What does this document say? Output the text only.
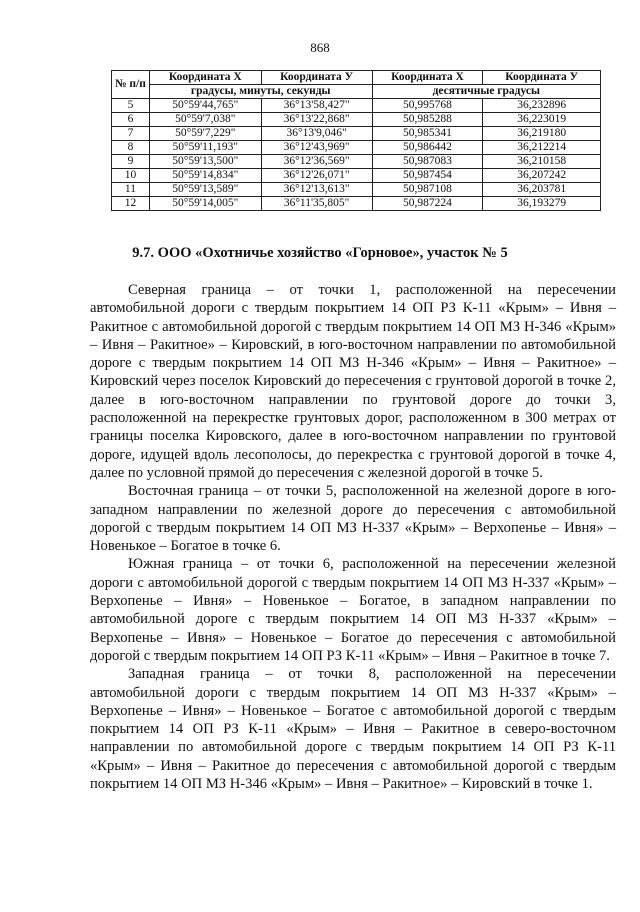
868
№ п/п	Координата X	Координата У	Координата X	Координата У
	градусы, минуты, секунды		десятичные градусы	
5	50°59'44,765"	36°13'58,427"	50,995768	36,232896
6	50°59'7,038"	36°13'22,868"	50,985288	36,223019
7	50°59'7,229"	36°13'9,046"	50,985341	36,219180
8	50°59'11,193"	36°12'43,969"	50,986442	36,212214
9	50°59'13,500"	36°12'36,569"	50,987083	36,210158
10	50°59'14,834"	36°12'26,071"	50,987454	36,207242
11	50°59'13,589"	36°12'13,613"	50,987108	36,203781
12	50°59'14,005"	36°11'35,805"	50,987224	36,193279
9.7. ООО «Охотничье хозяйство «Горновое», участок № 5

Северная граница – от точки 1, расположенной на пересечении автомобильной дороги с твердым покрытием 14 ОП РЗ К-11 «Крым» – Ивня – Ракитное с автомобильной дорогой с твердым покрытием 14 ОП МЗ Н-346 «Крым» – Ивня – Ракитное» – Кировский, в юго-восточном направлении по автомобильной дороге с твердым покрытием 14 ОП МЗ Н-346 «Крым» – Ивня – Ракитное» – Кировский через поселок Кировский до пересечения с грунтовой дорогой в точке 2, далее в юго-восточном направлении по грунтовой дороге до точки 3, расположенной на перекрестке грунтовых дорог, расположенном в 300 метрах от границы поселка Кировского, далее в юго-восточном направлении по грунтовой дороге, идущей вдоль лесополосы, до перекрестка с грунтовой дорогой в точке 4, далее по условной прямой до пересечения с железной дорогой в точке 5.

Восточная граница – от точки 5, расположенной на железной дороге в юго-западном направлении по железной дороге до пересечения с автомобильной дорогой с твердым покрытием 14 ОП МЗ Н-337 «Крым» – Верхопенье – Ивня» – Новенькое – Богатое в точке 6.

Южная граница – от точки 6, расположенной на пересечении железной дороги с автомобильной дорогой с твердым покрытием 14 ОП МЗ Н-337 «Крым» – Верхопенье – Ивня» – Новенькое – Богатое, в западном направлении по автомобильной дороге с твердым покрытием 14 ОП МЗ Н-337 «Крым» – Верхопенье – Ивня» – Новенькое – Богатое до пересечения с автомобильной дорогой с твердым покрытием 14 ОП РЗ К-11 «Крым» – Ивня – Ракитное в точке 7.

Западная граница – от точки 8, расположенной на пересечении автомобильной дороги с твердым покрытием 14 ОП МЗ Н-337 «Крым» – Верхопенье – Ивня» – Новенькое – Богатое с автомобильной дорогой с твердым покрытием 14 ОП РЗ К-11 «Крым» – Ивня – Ракитное в северо-восточном направлении по автомобильной дороге с твердым покрытием 14 ОП РЗ К-11 «Крым» – Ивня – Ракитное до пересечения с автомобильной дорогой с твердым покрытием 14 ОП МЗ Н-346 «Крым» – Ивня – Ракитное» – Кировский в точке 1.
